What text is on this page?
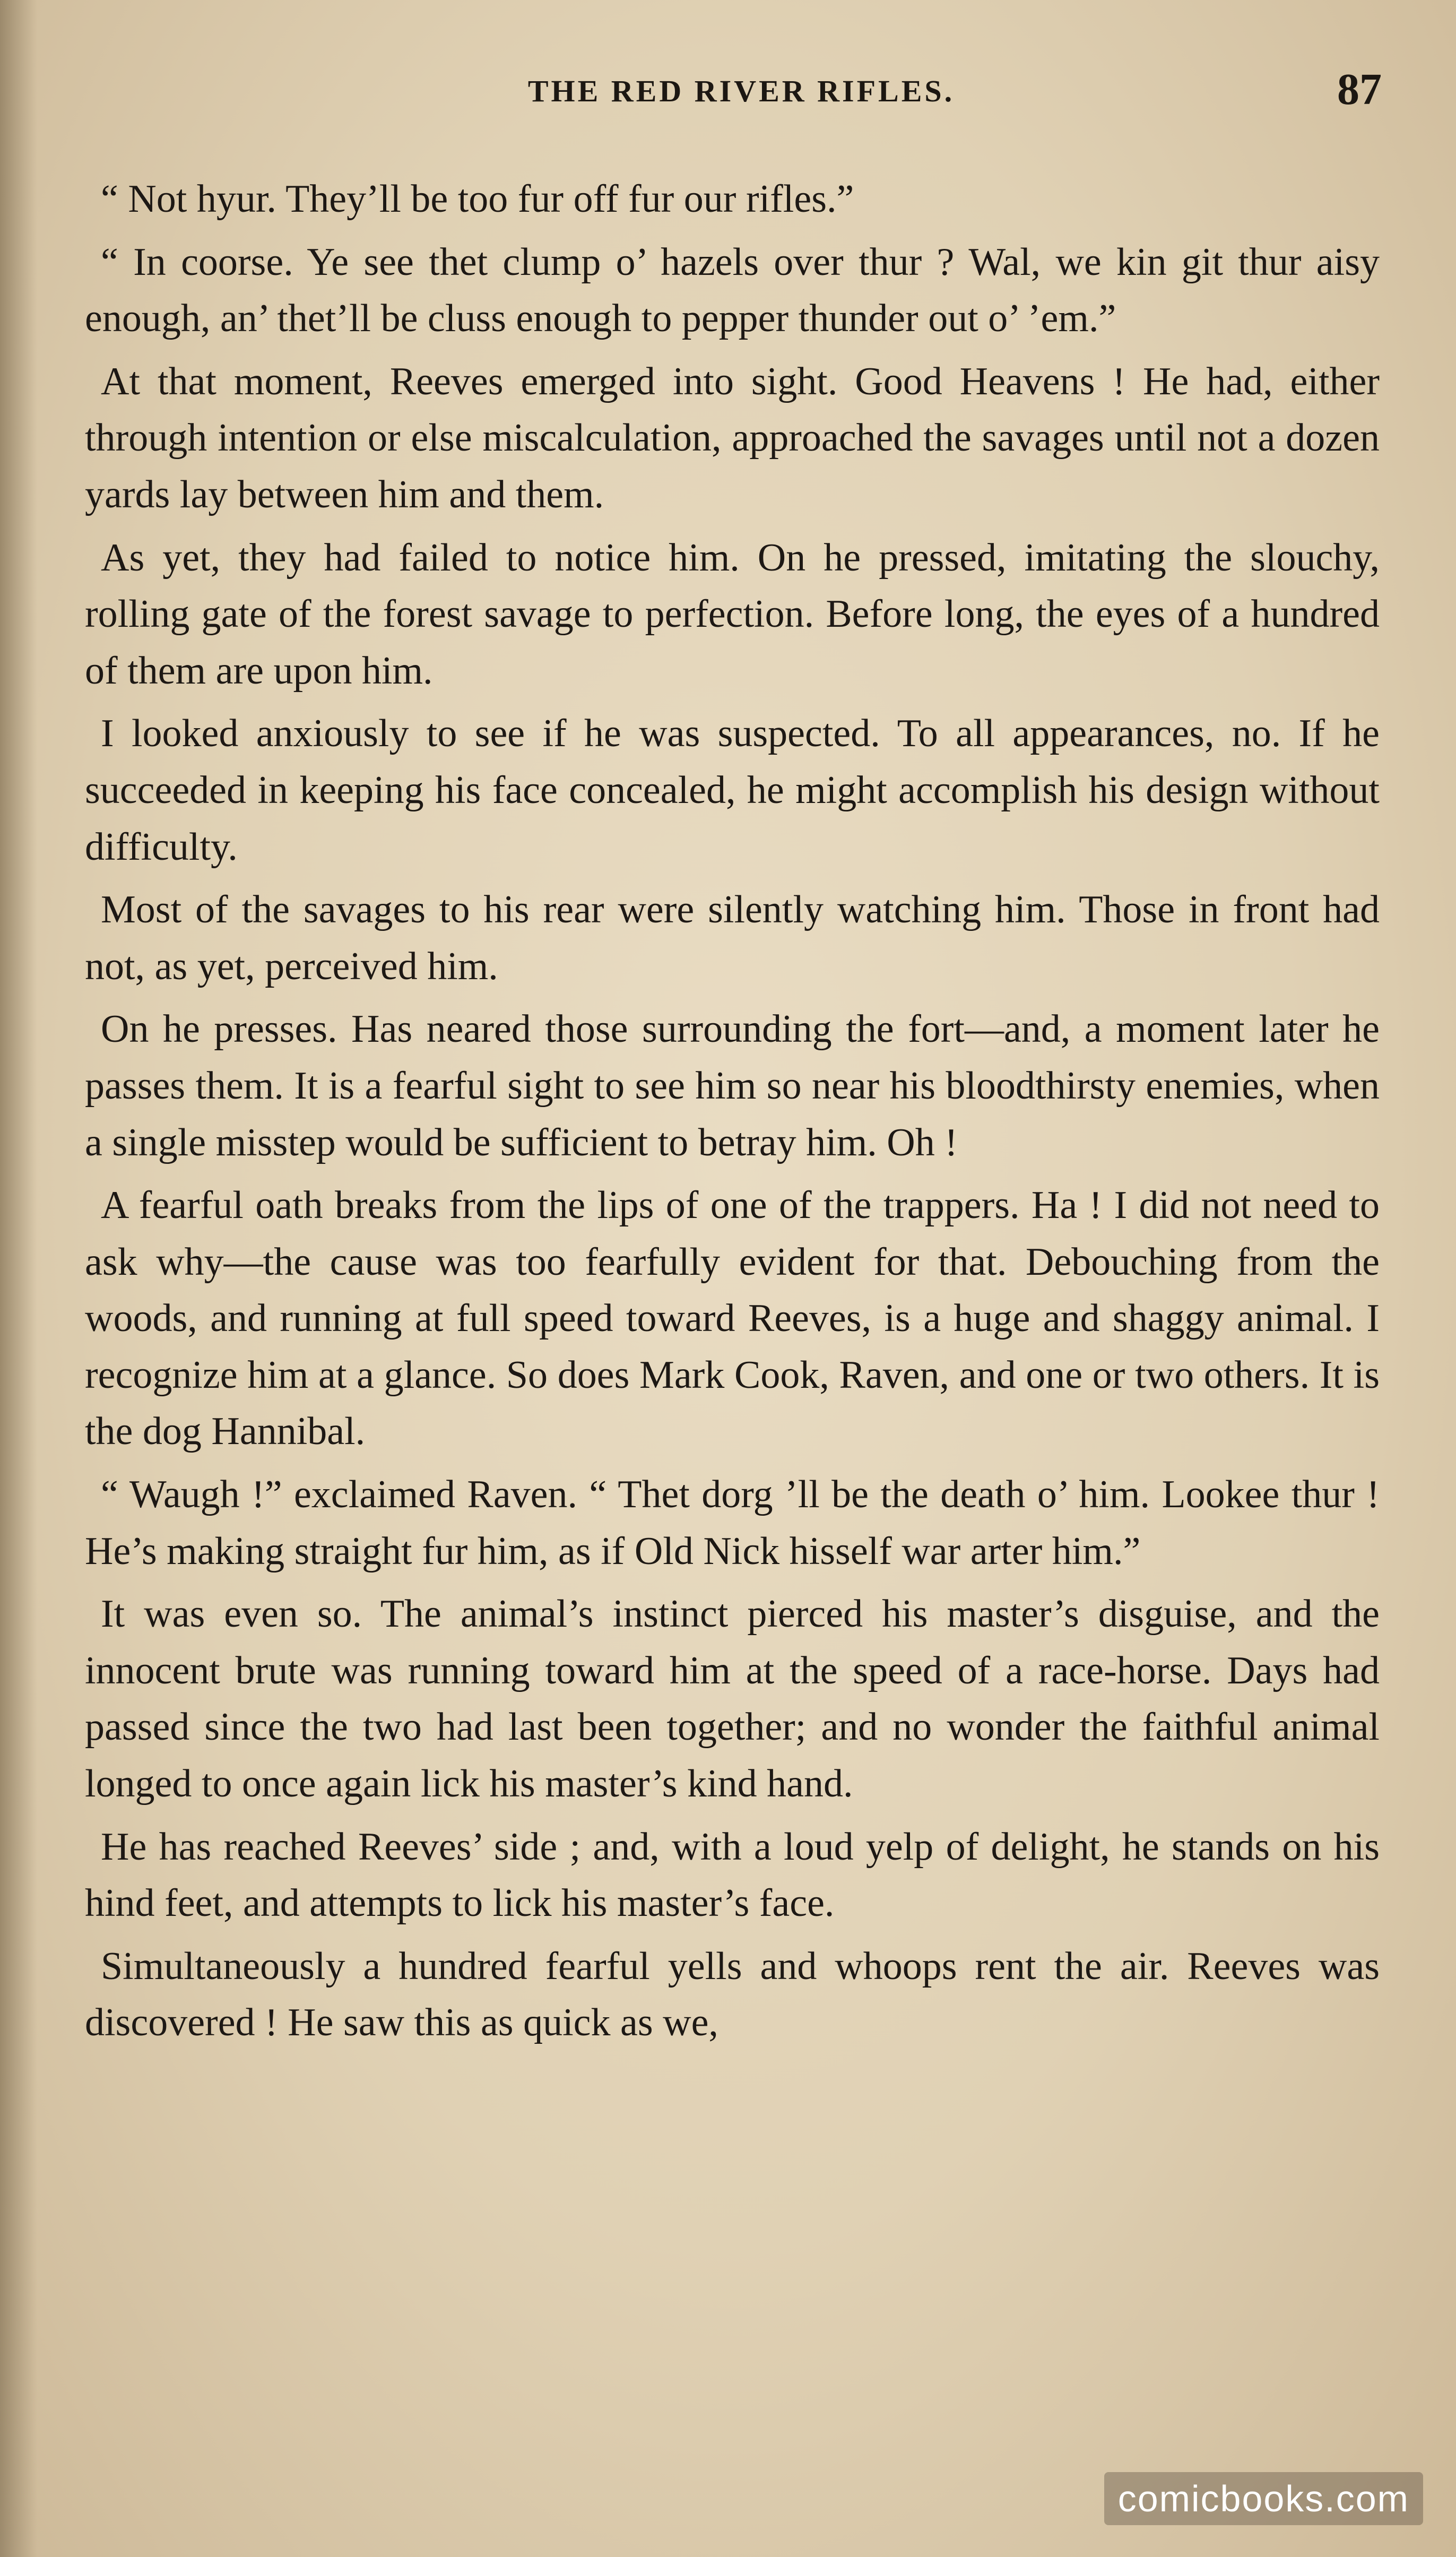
THE RED RIVER RIFLES.	87

“ Not hyur. They’ll be too fur off fur our rifles.”

“ In coorse. Ye see thet clump o’ hazels over thur ? Wal, we kin git thur aisy enough, an’ thet’ll be cluss enough to pepper thunder out o’ ’em.”

At that moment, Reeves emerged into sight. Good Heavens ! He had, either through intention or else miscalculation, approached the savages until not a dozen yards lay between him and them.

As yet, they had failed to notice him. On he pressed, imitating the slouchy, rolling gate of the forest savage to perfection. Before long, the eyes of a hundred of them are upon him.

I looked anxiously to see if he was suspected. To all appearances, no. If he succeeded in keeping his face concealed, he might accomplish his design without difficulty.

Most of the savages to his rear were silently watching him. Those in front had not, as yet, perceived him.

On he presses. Has neared those surrounding the fort—and, a moment later he passes them. It is a fearful sight to see him so near his bloodthirsty enemies, when a single misstep would be sufficient to betray him. Oh !

A fearful oath breaks from the lips of one of the trappers. Ha ! I did not need to ask why—the cause was too fearfully evident for that. Debouching from the woods, and running at full speed toward Reeves, is a huge and shaggy animal. I recognize him at a glance. So does Mark Cook, Raven, and one or two others. It is the dog Hannibal.

“ Waugh !” exclaimed Raven. “ Thet dorg ’ll be the death o’ him. Lookee thur ! He’s making straight fur him, as if Old Nick hisself war arter him.”

It was even so. The animal’s instinct pierced his master’s disguise, and the innocent brute was running toward him at the speed of a race-horse. Days had passed since the two had last been together; and no wonder the faithful animal longed to once again lick his master’s kind hand.

He has reached Reeves’ side ; and, with a loud yelp of delight, he stands on his hind feet, and attempts to lick his master’s face.

Simultaneously a hundred fearful yells and whoops rent the air. Reeves was discovered ! He saw this as quick as we,

comicbooks.com
